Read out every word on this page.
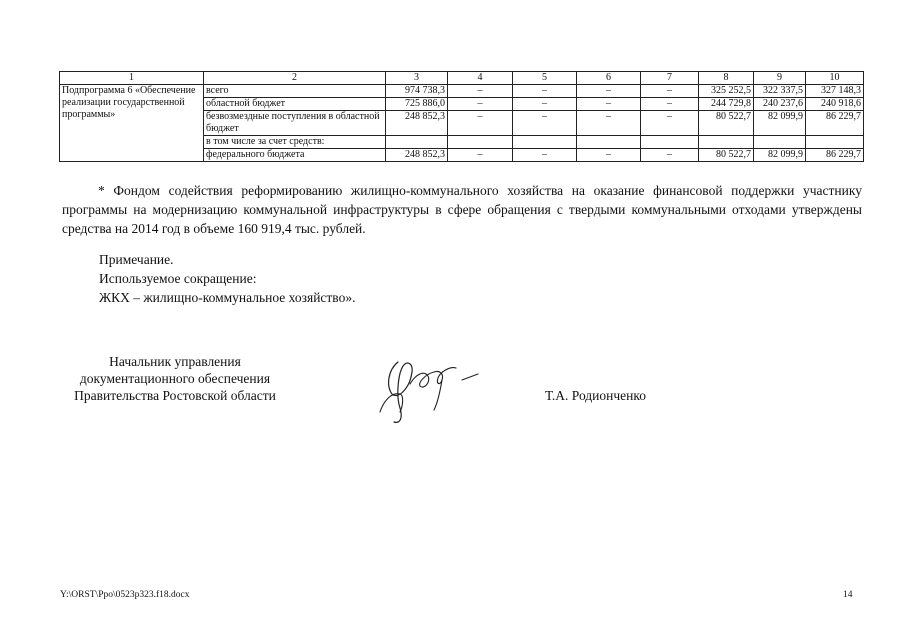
1	2	3	4	5	6	7	8	9	10
Подпрограмма 6 «Обеспечение реализации государственной программы»	всего	974 738,3	–	–	–	–	325 252,5	322 337,5	327 148,3
	областной бюджет	725 886,0	–	–	–	–	244 729,8	240 237,6	240 918,6
	безвозмездные поступления в областной бюджет	248 852,3	–	–	–	–	80 522,7	82 099,9	86 229,7
	в том числе за счет средств:								
	федерального бюджета	248 852,3	–	–	–	–	80 522,7	82 099,9	86 229,7
* Фондом содействия реформированию жилищно-коммунального хозяйства на оказание финансовой поддержки участнику программы на модернизацию коммунальной инфраструктуры в сфере обращения с твердыми коммунальными отходами утверждены средства на 2014 год в объеме 160 919,4 тыс. рублей.
Примечание.
Используемое сокращение:
ЖКХ – жилищно-коммунальное хозяйство».
Начальник управления
документационного обеспечения
Правительства Ростовской области	Т.А. Родионченко
Y:\ORST\Ppo\0523p323.f18.docx	14
